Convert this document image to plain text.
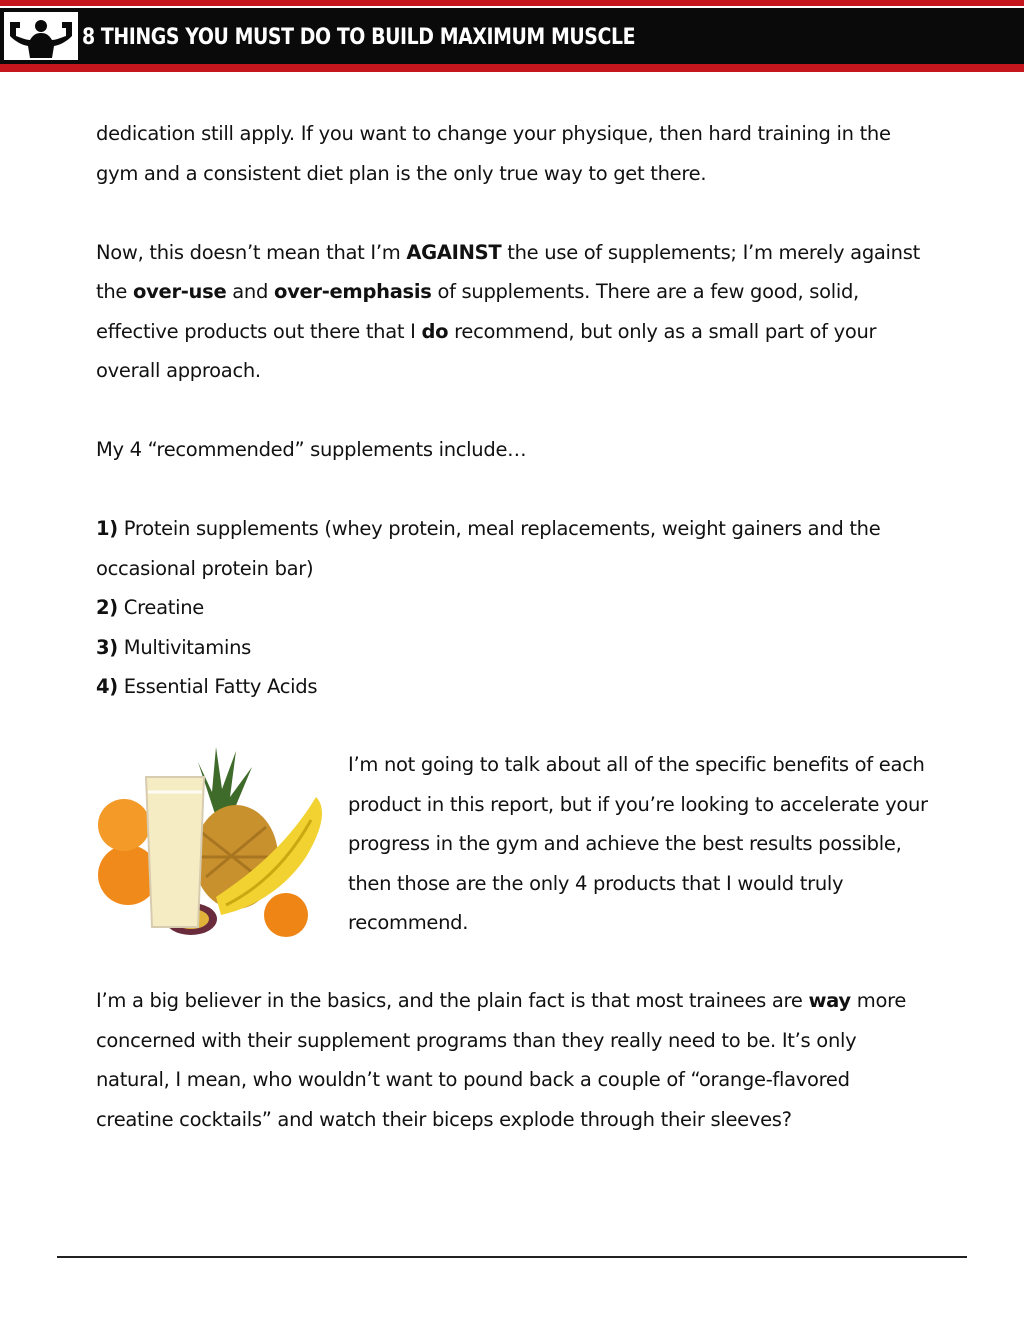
8 THINGS YOU MUST DO TO BUILD MAXIMUM MUSCLE

dedication still apply. If you want to change your physique, then hard training in the gym and a consistent diet plan is the only true way to get there.

Now, this doesn’t mean that I’m AGAINST the use of supplements; I’m merely against the over-use and over-emphasis of supplements. There are a few good, solid, effective products out there that I do recommend, but only as a small part of your overall approach.

My 4 “recommended” supplements include…

1) Protein supplements (whey protein, meal replacements, weight gainers and the occasional protein bar)

2) Creatine

3) Multivitamins

4) Essential Fatty Acids

I’m not going to talk about all of the specific benefits of each product in this report, but if you’re looking to accelerate your progress in the gym and achieve the best results possible, then those are the only 4 products that I would truly recommend.

I’m a big believer in the basics, and the plain fact is that most trainees are way more concerned with their supplement programs than they really need to be. It’s only natural, I mean, who wouldn’t want to pound back a couple of “orange-flavored creatine cocktails” and watch their biceps explode through their sleeves?
